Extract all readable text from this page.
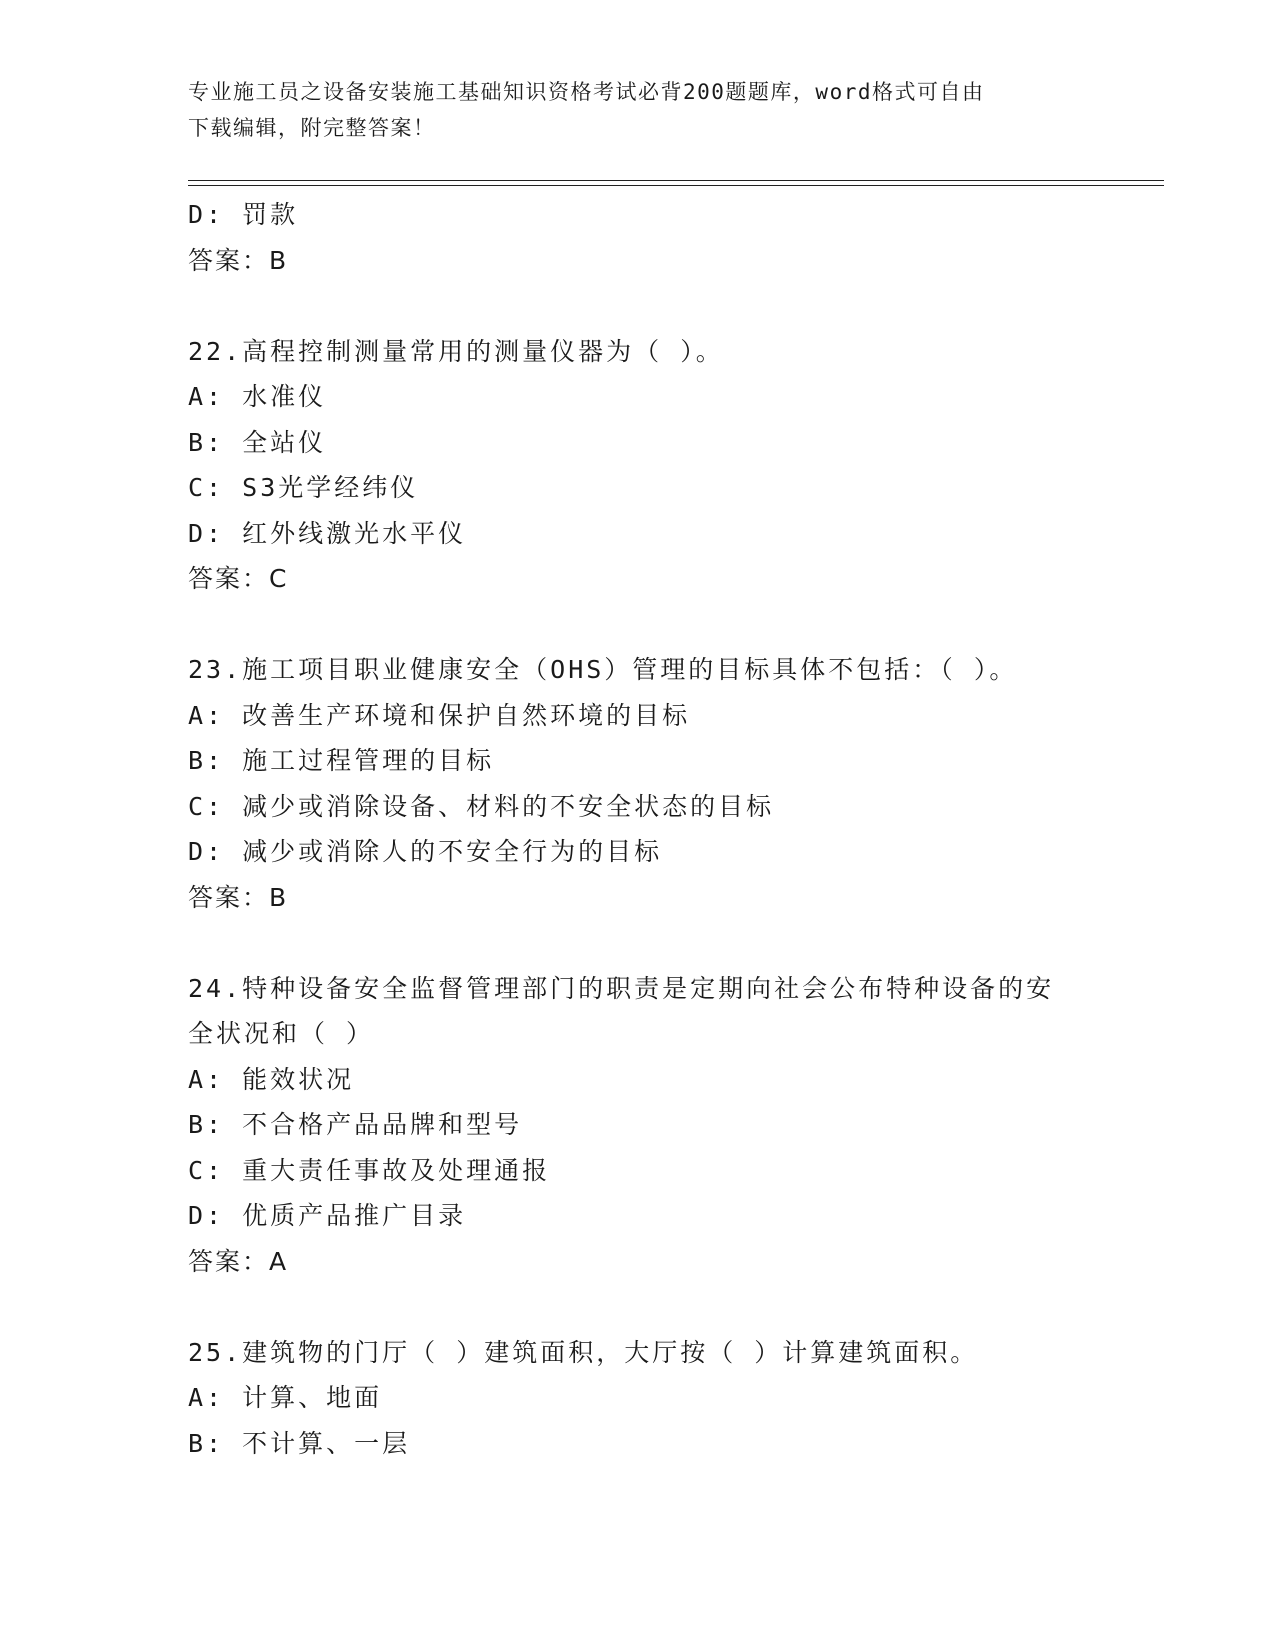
专业施工员之设备安装施工基础知识资格考试必背200题题库，word格式可自由
下载编辑，附完整答案！
D: 罚款
答案：B
22.高程控制测量常用的测量仪器为（ ）。
A: 水准仪
B: 全站仪
C: S3光学经纬仪
D: 红外线激光水平仪
答案：C
23.施工项目职业健康安全（OHS）管理的目标具体不包括：（ ）。
A: 改善生产环境和保护自然环境的目标
B: 施工过程管理的目标
C: 减少或消除设备、材料的不安全状态的目标
D: 减少或消除人的不安全行为的目标
答案：B
24.特种设备安全监督管理部门的职责是定期向社会公布特种设备的安
全状况和（ ）
A: 能效状况
B: 不合格产品品牌和型号
C: 重大责任事故及处理通报
D: 优质产品推广目录
答案：A
25.建筑物的门厅（ ）建筑面积，大厅按（ ）计算建筑面积。
A: 计算、地面
B: 不计算、一层
